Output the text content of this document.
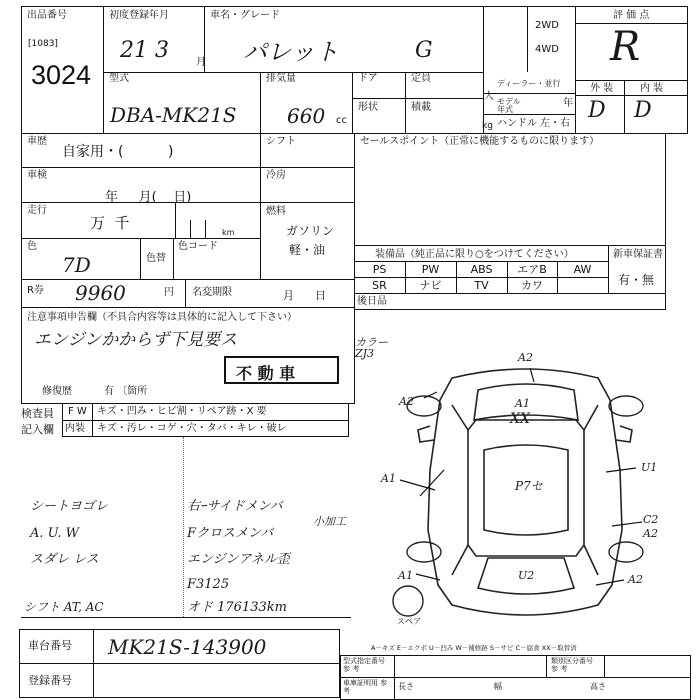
出品番号
[1083]
3024
初度登録年月
21 3	月
車名・グレード
パレット	G
2WD
4WD
評 価 点
R
外 装	内 装
D D
型式
DBA-MK21S
排気量
660 cc
ドア	定員
人
形状	積載
kg
ディーラー・並行
モデル年式
年
ハンドル 左・右
車歴
自家用・(          )
シフト
車検
年     月(    日)
冷房
走行
万  千
km
燃料
ガソリン
軽・油
色
7D	色替
色コード
R券 9960	円 名変期限	月      日
注意事項申告欄（不具合内容等は具体的に記入して下さい）
エンジンかからず下見要ス
不 動 車
修復歴	有 〔箇所
セールスポイント（正常に機能するものに限ります）
装備品（純正品に限り○をつけてください）	新車保証書
有・無
PS	PW	ABS	エアB	AW
SR	ナビ	TV	カワ
後日品
検査員
記入欄
F W キズ・凹み・ヒビ割・リペア跡・X 要
内装 キズ・汚レ・コゲ・穴・タバ・キレ・破レ
シートヨゴレ
A. U. W
スダレ レス
シフト AT, AC
右ｰサイドメンバ
Fクロスメンバ
エンジンアネル歪
F3125
オド 176133km
小加工
カラー ZJ3	A2
A2	A1
XX
A1
P7セ
U1
C2
A2
A1	U2	A2
スペア
車台番号 MK21S-143900
登録番号
A－キズ E－エクボ U－凹み W－補修跡 S－サビ C－腐食 XX－取替済
型式指定番号 参 考
類別区分番号 参 考
車庫証明用 参 考	長さ	幅	高さ
